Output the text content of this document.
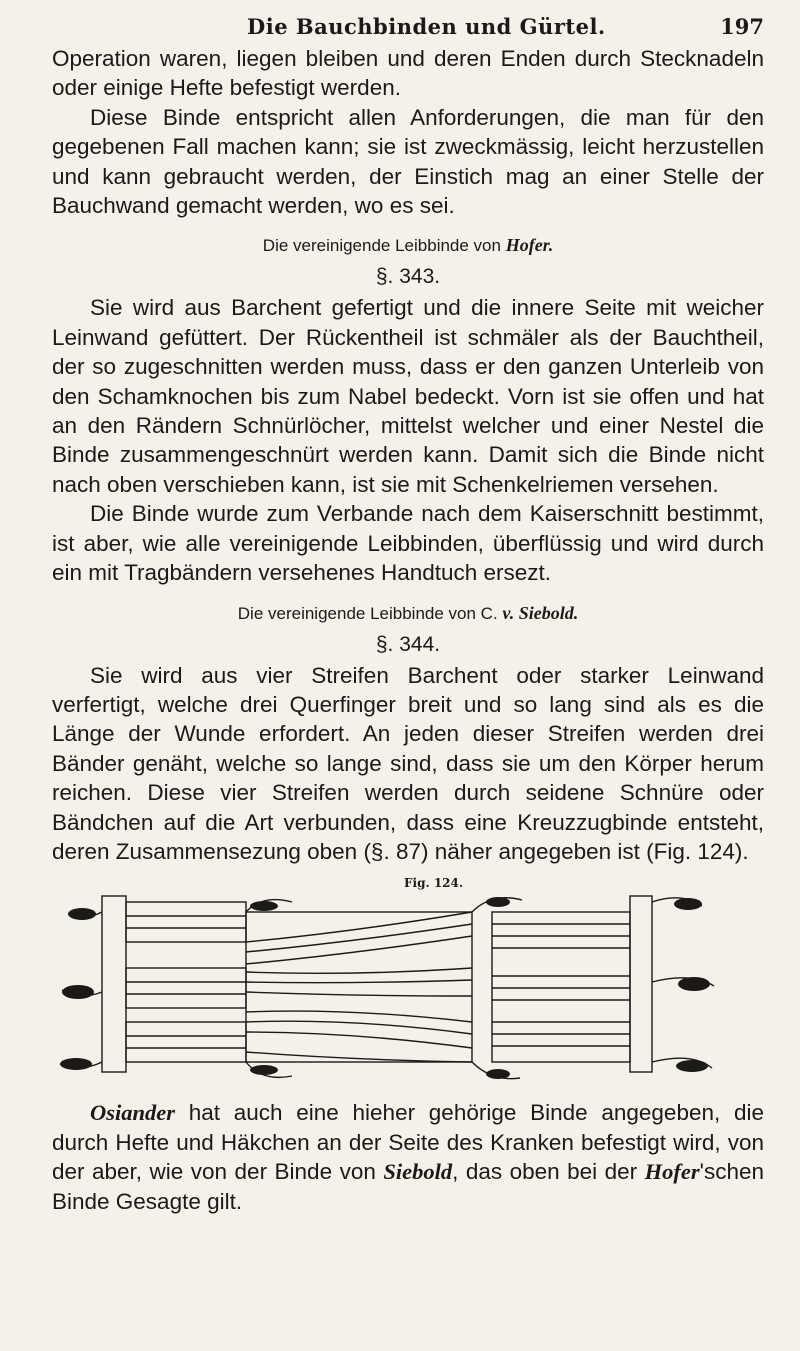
Die Bauchbinden und Gürtel.	197

Operation waren, liegen bleiben und deren Enden durch Stecknadeln oder einige Hefte befestigt werden.

Diese Binde entspricht allen Anforderungen, die man für den gegebenen Fall machen kann; sie ist zweckmässig, leicht herzustellen und kann gebraucht werden, der Einstich mag an einer Stelle der Bauchwand gemacht werden, wo es sei.

Die vereinigende Leibbinde von Hofer.
§. 343.

Sie wird aus Barchent gefertigt und die innere Seite mit weicher Leinwand gefüttert. Der Rückentheil ist schmäler als der Bauchtheil, der so zugeschnitten werden muss, dass er den ganzen Unterleib von den Schamknochen bis zum Nabel bedeckt. Vorn ist sie offen und hat an den Rändern Schnürlöcher, mittelst welcher und einer Nestel die Binde zusammengeschnürt werden kann. Damit sich die Binde nicht nach oben verschieben kann, ist sie mit Schenkelriemen versehen.

Die Binde wurde zum Verbande nach dem Kaiserschnitt bestimmt, ist aber, wie alle vereinigende Leibbinden, überflüssig und wird durch ein mit Tragbändern versehenes Handtuch ersezt.

Die vereinigende Leibbinde von C. v. Siebold.
§. 344.

Sie wird aus vier Streifen Barchent oder starker Leinwand verfertigt, welche drei Querfinger breit und so lang sind als es die Länge der Wunde erfordert. An jeden dieser Streifen werden drei Bänder genäht, welche so lange sind, dass sie um den Körper herum reichen. Diese vier Streifen werden durch seidene Schnüre oder Bändchen auf die Art verbunden, dass eine Kreuzzugbinde entsteht, deren Zusammensezung oben (§. 87) näher angegeben ist (Fig. 124).

Fig. 124.

Osiander hat auch eine hieher gehörige Binde angegeben, die durch Hefte und Häkchen an der Seite des Kranken befestigt wird, von der aber, wie von der Binde von Siebold, das oben bei der Hofer'schen Binde Gesagte gilt.
